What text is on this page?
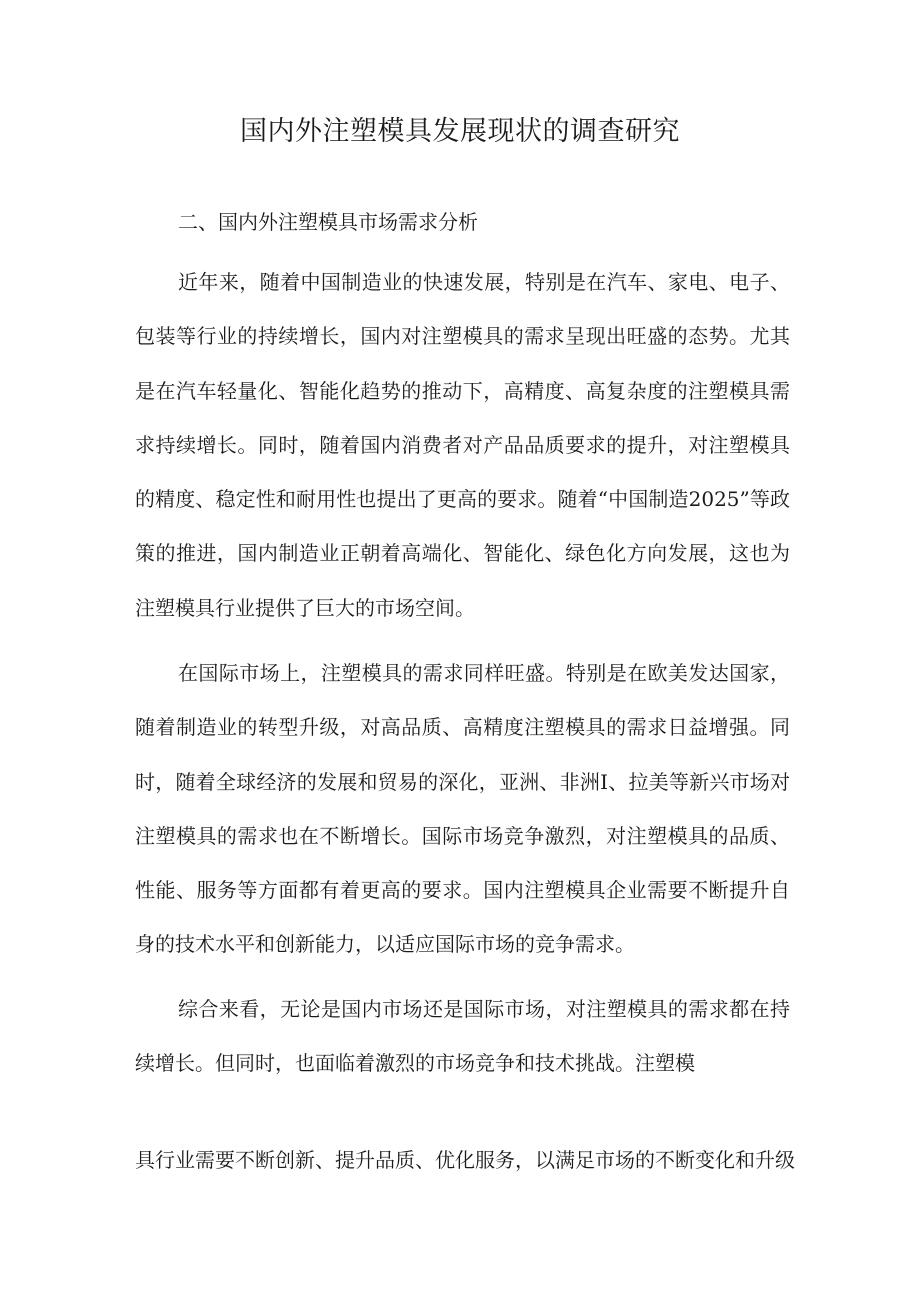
国内外注塑模具发展现状的调查研究
二、国内外注塑模具市场需求分析

近年来，随着中国制造业的快速发展，特别是在汽车、家电、电子、包装等行业的持续增长，国内对注塑模具的需求呈现出旺盛的态势。尤其是在汽车轻量化、智能化趋势的推动下，高精度、高复杂度的注塑模具需求持续增长。同时，随着国内消费者对产品品质要求的提升，对注塑模具的精度、稳定性和耐用性也提出了更高的要求。随着“中国制造2025”等政策的推进，国内制造业正朝着高端化、智能化、绿色化方向发展，这也为注塑模具行业提供了巨大的市场空间。

在国际市场上，注塑模具的需求同样旺盛。特别是在欧美发达国家，随着制造业的转型升级，对高品质、高精度注塑模具的需求日益增强。同时，随着全球经济的发展和贸易的深化，亚洲、非洲I、拉美等新兴市场对注塑模具的需求也在不断增长。国际市场竞争激烈，对注塑模具的品质、性能、服务等方面都有着更高的要求。国内注塑模具企业需要不断提升自身的技术水平和创新能力，以适应国际市场的竞争需求。

综合来看，无论是国内市场还是国际市场，对注塑模具的需求都在持续增长。但同时，也面临着激烈的市场竞争和技术挑战。注塑模

具行业需要不断创新、提升品质、优化服务，以满足市场的不断变化和升级
